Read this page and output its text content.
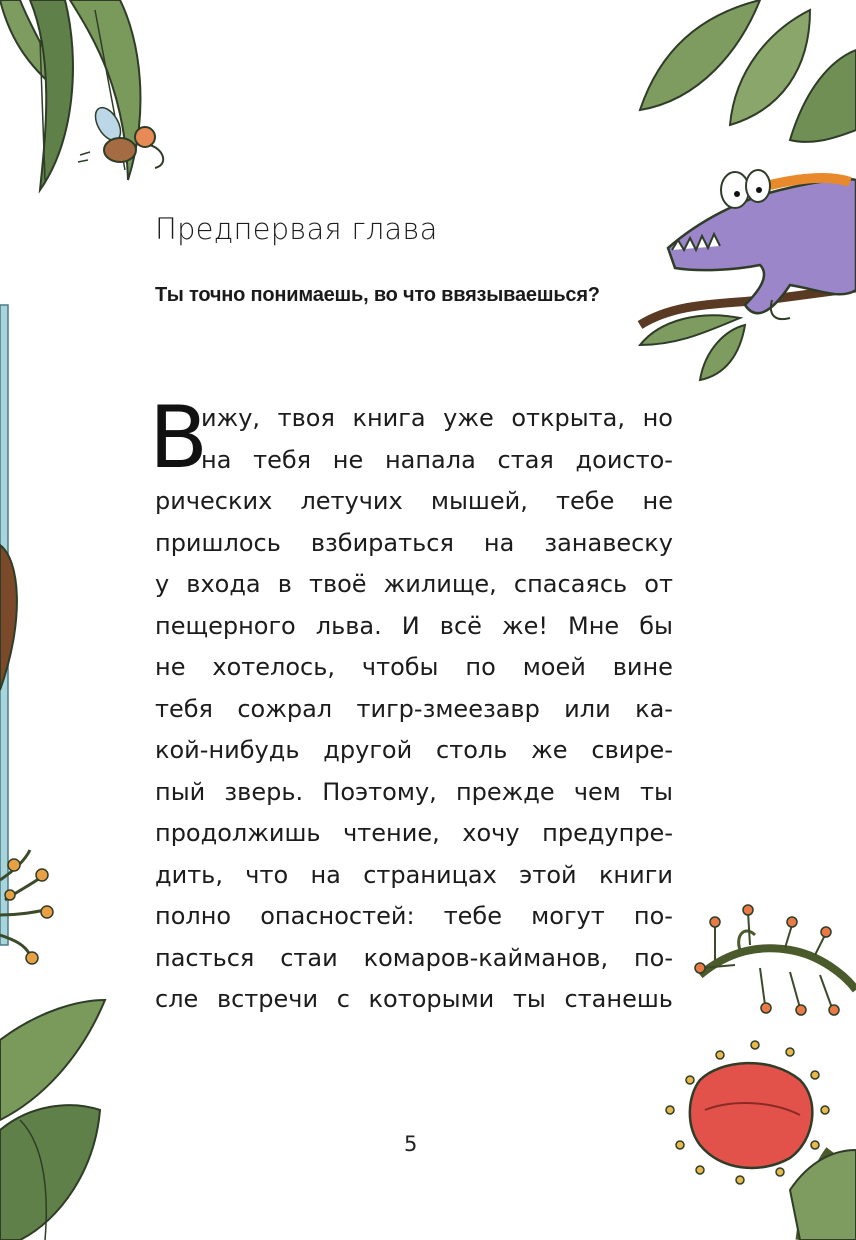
Предпервая глава
Ты точно понимаешь, во что ввязываешься?
В
ижу, твоя книга уже открыта, но
на тебя не напала стая доисто-
рических летучих мышей, тебе не
пришлось взбираться на занавеску
у входа в твоё жилище, спасаясь от
пещерного льва. И всё же! Мне бы
не хотелось, чтобы по моей вине
тебя сожрал тигр-змеезавр или ка-
кой-нибудь другой столь же свире-
пый зверь. Поэтому, прежде чем ты
продолжишь чтение, хочу предупре-
дить, что на страницах этой книги
полно опасностей: тебе могут по-
пасться стаи комаров-кайманов, по-
сле встречи с которыми ты станешь
5
